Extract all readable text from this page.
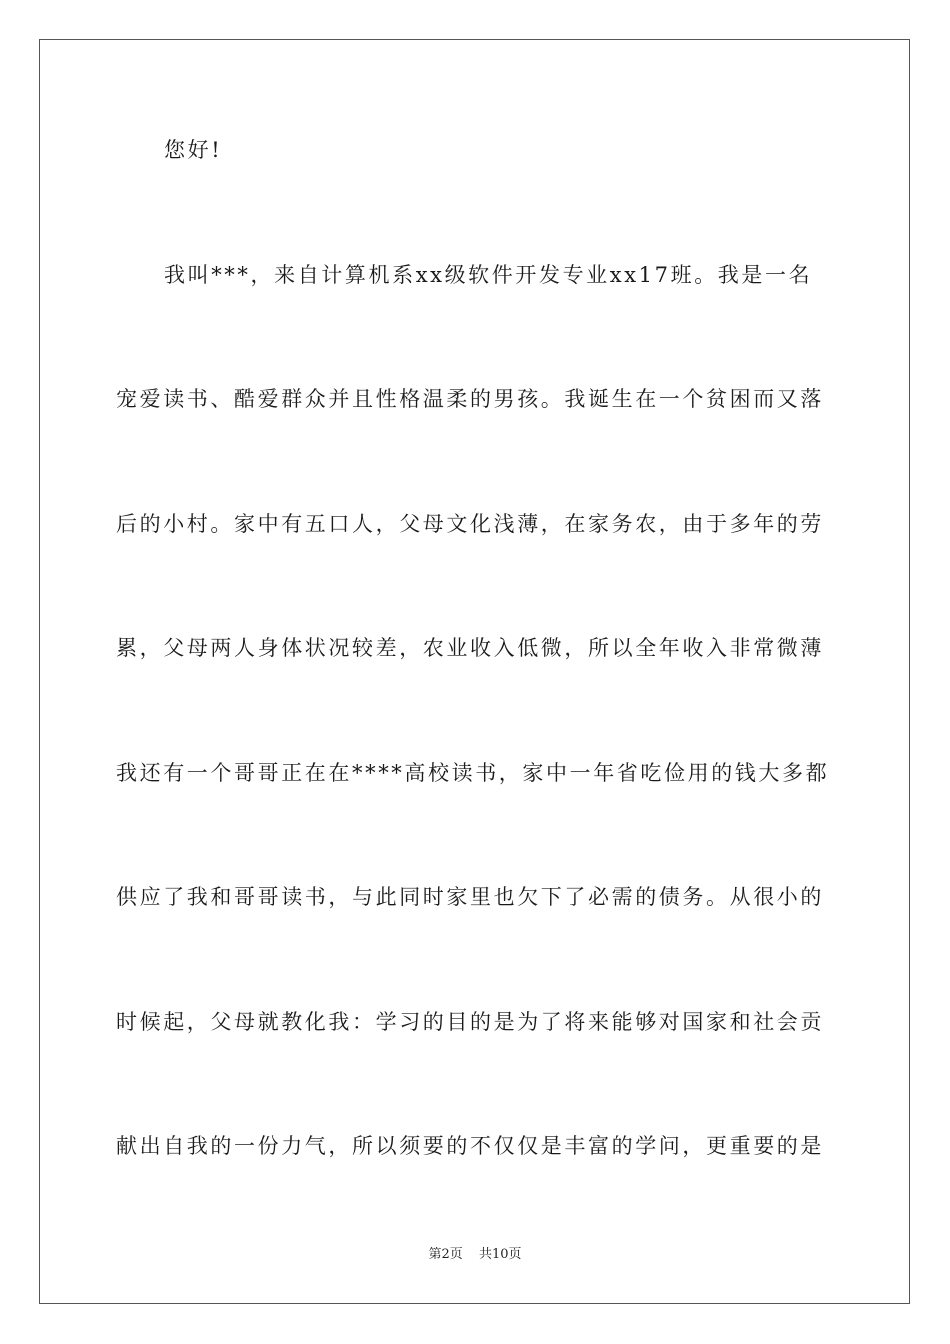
您好!
我叫***，来自计算机系xx级软件开发专业xx17班。我是一名
宠爱读书、酷爱群众并且性格温柔的男孩。我诞生在一个贫困而又落
后的小村。家中有五口人，父母文化浅薄，在家务农，由于多年的劳
累，父母两人身体状况较差，农业收入低微，所以全年收入非常微薄
我还有一个哥哥正在在****高校读书，家中一年省吃俭用的钱大多都
供应了我和哥哥读书，与此同时家里也欠下了必需的债务。从很小的
时候起，父母就教化我：学习的目的是为了将来能够对国家和社会贡
献出自我的一份力气，所以须要的不仅仅是丰富的学问，更重要的是
第2页 共10页
